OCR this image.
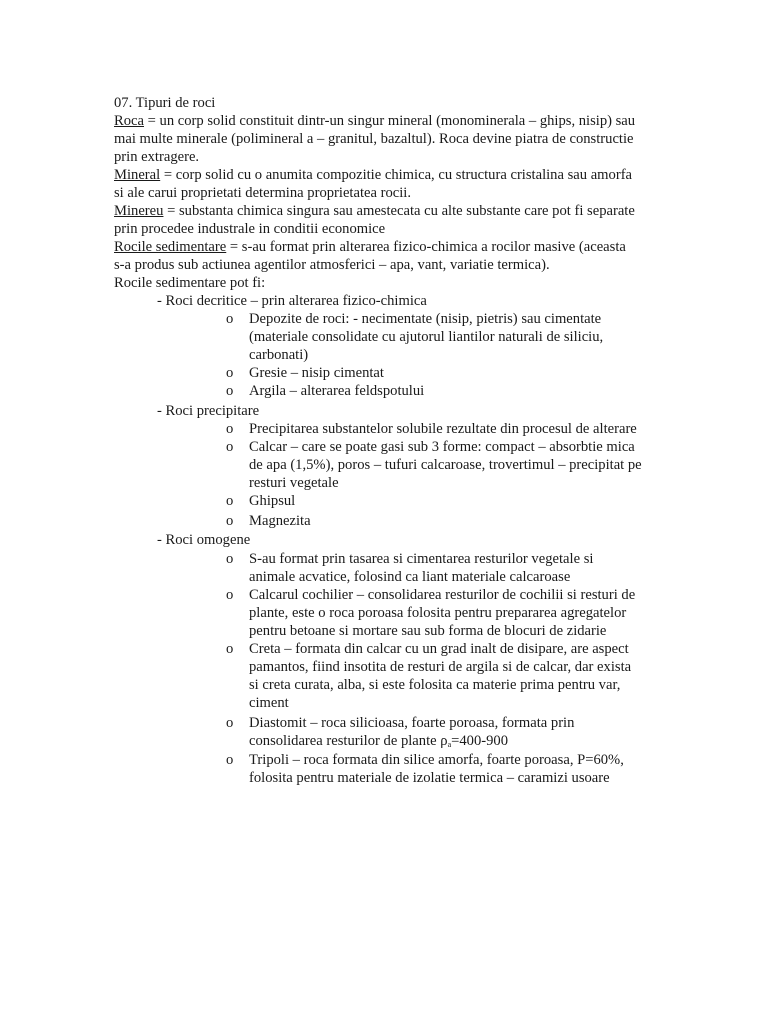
07. Tipuri de roci
Roca = un corp solid constituit dintr-un singur mineral (monominerala – ghips, nisip) sau
mai multe minerale (polimineral a – granitul, bazaltul). Roca devine piatra de constructie
prin extragere.
Mineral = corp solid cu o anumita compozitie chimica, cu structura cristalina sau amorfa
si ale carui proprietati determina proprietatea rocii.
Minereu = substanta chimica singura sau amestecata cu alte substante care pot fi separate
prin procedee industrale in conditii economice
Rocile sedimentare = s-au format prin alterarea fizico-chimica a rocilor masive (aceasta
s-a produs sub actiunea agentilor atmosferici – apa, vant, variatie termica).
Rocile sedimentare pot fi:
- Roci decritice – prin alterarea fizico-chimica
o Depozite de roci: - necimentate (nisip, pietris) sau cimentate
(materiale consolidate cu ajutorul liantilor naturali de siliciu,
carbonati)
o Gresie – nisip cimentat
o Argila – alterarea feldspotului
- Roci precipitare
o Precipitarea substantelor solubile rezultate din procesul de alterare
o Calcar – care se poate gasi sub 3 forme: compact – absorbtie mica
de apa (1,5%), poros – tufuri calcaroase, trovertimul – precipitat pe
resturi vegetale
o Ghipsul
o Magnezita
- Roci omogene
o S-au format prin tasarea si cimentarea resturilor vegetale si
animale acvatice, folosind ca liant materiale calcaroase
o Calcarul cochilier – consolidarea resturilor de cochilii si resturi de
plante, este o roca poroasa folosita pentru prepararea agregatelor
pentru betoane si mortare sau sub forma de blocuri de zidarie
o Creta – formata din calcar cu un grad inalt de disipare, are aspect
pamantos, fiind insotita de resturi de argila si de calcar, dar exista
si creta curata, alba, si este folosita ca materie prima pentru var,
ciment
o Diastomit – roca silicioasa, foarte poroasa, formata prin
consolidarea resturilor de plante $\rho_a=400-900$
o Tripoli – roca formata din silice amorfa, foarte poroasa, P=60%,
folosita pentru materiale de izolatie termica – caramizi usoare
